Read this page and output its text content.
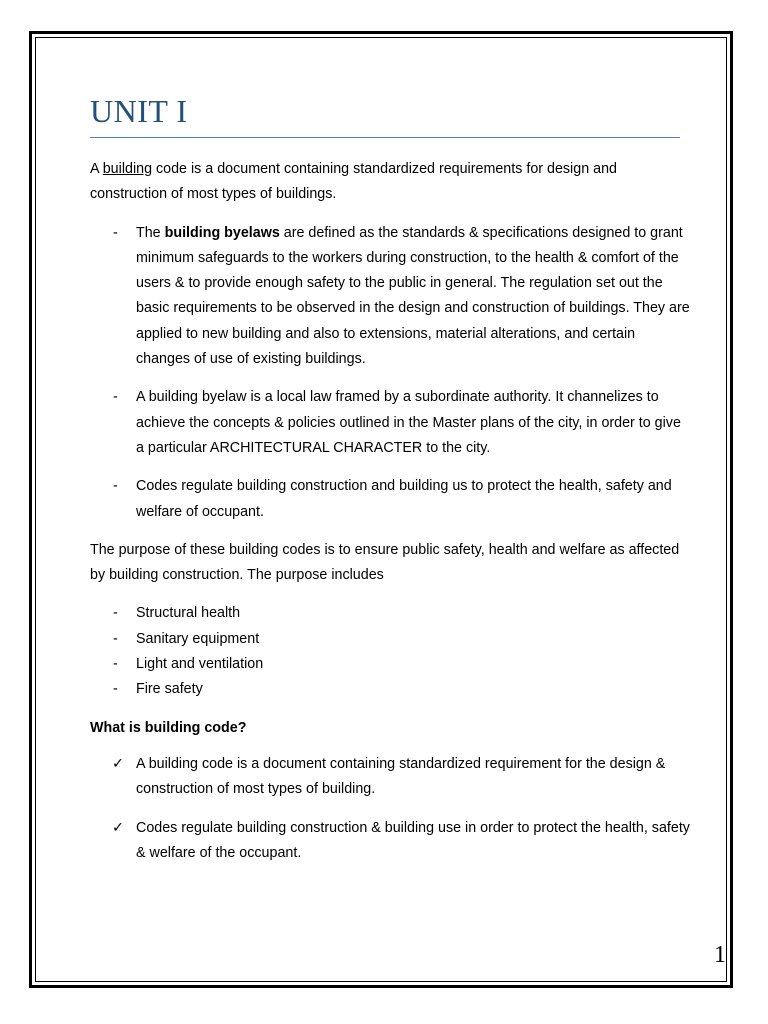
UNIT I

A building code is a document containing standardized requirements for design and construction of most types of buildings.

- The building byelaws are defined as the standards & specifications designed to grant minimum safeguards to the workers during construction, to the health & comfort of the users & to provide enough safety to the public in general. The regulation set out the basic requirements to be observed in the design and construction of buildings. They are applied to new building and also to extensions, material alterations, and certain changes of use of existing buildings.
- A building byelaw is a local law framed by a subordinate authority. It channelizes to achieve the concepts & policies outlined in the Master plans of the city, in order to give a particular ARCHITECTURAL CHARACTER to the city.
- Codes regulate building construction and building us to protect the health, safety and welfare of occupant.

The purpose of these building codes is to ensure public safety, health and welfare as affected by building construction. The purpose includes

- Structural health
- Sanitary equipment
- Light and ventilation
- Fire safety

What is building code?

✓ A building code is a document containing standardized requirement for the design & construction of most types of building.
✓ Codes regulate building construction & building use in order to protect the health, safety & welfare of the occupant.
1
